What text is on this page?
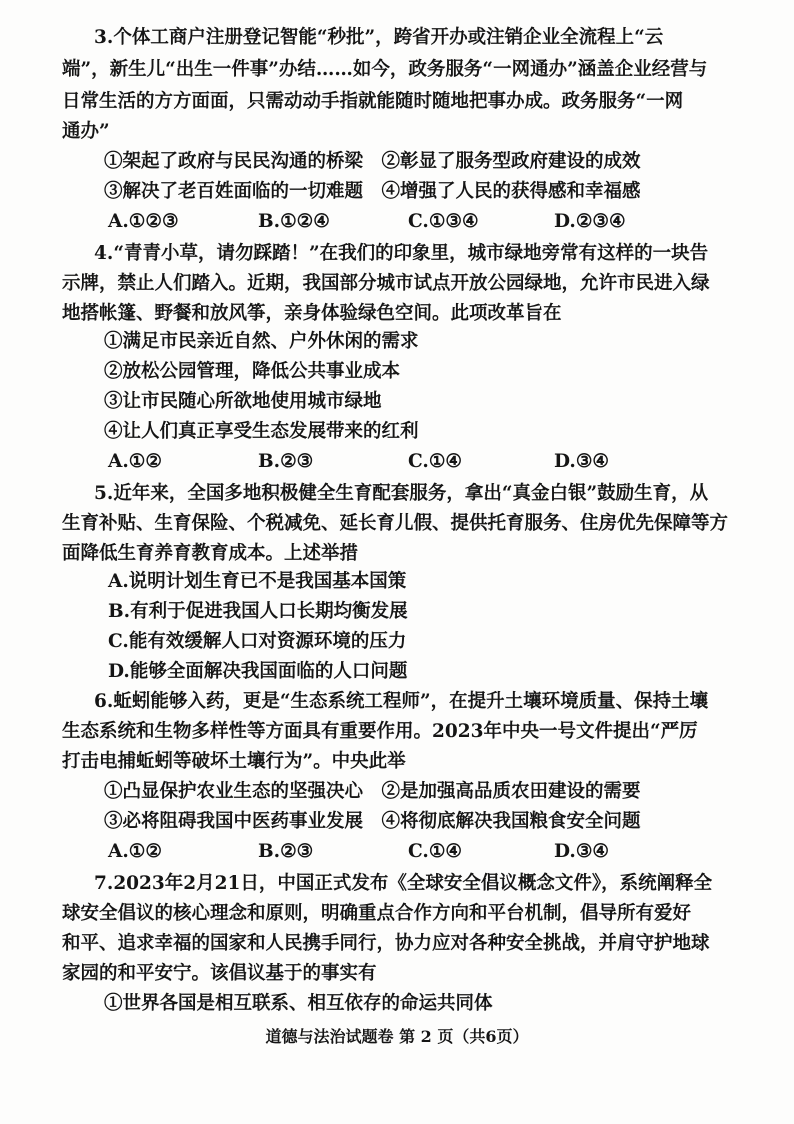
3.个体工商户注册登记智能“秒批”，跨省开办或注销企业全流程上“云
端”，新生儿“出生一件事”办结……如今，政务服务“一网通办”涵盖企业经营与
日常生活的方方面面，只需动动手指就能随时随地把事办成。政务服务“一网
通办”
①架起了政府与民民沟通的桥梁　②彰显了服务型政府建设的成效
③解决了老百姓面临的一切难题　④增强了人民的获得感和幸福感
A.①②③	B.①②④	C.①③④	D.②③④
4.“青青小草，请勿踩踏！”在我们的印象里，城市绿地旁常有这样的一块告
示牌，禁止人们踏入。近期，我国部分城市试点开放公园绿地，允许市民进入绿
地搭帐篷、野餐和放风筝，亲身体验绿色空间。此项改革旨在
①满足市民亲近自然、户外休闲的需求
②放松公园管理，降低公共事业成本
③让市民随心所欲地使用城市绿地
④让人们真正享受生态发展带来的红利
A.①②	B.②③	C.①④	D.③④
5.近年来，全国多地积极健全生育配套服务，拿出“真金白银”鼓励生育，从
生育补贴、生育保险、个税减免、延长育儿假、提供托育服务、住房优先保障等方
面降低生育养育教育成本。上述举措
A.说明计划生育已不是我国基本国策
B.有利于促进我国人口长期均衡发展
C.能有效缓解人口对资源环境的压力
D.能够全面解决我国面临的人口问题
6.蚯蚓能够入药，更是“生态系统工程师”，在提升土壤环境质量、保持土壤
生态系统和生物多样性等方面具有重要作用。2023年中央一号文件提出“严厉
打击电捕蚯蚓等破坏土壤行为”。中央此举
①凸显保护农业生态的坚强决心　②是加强高品质农田建设的需要
③必将阻碍我国中医药事业发展　④将彻底解决我国粮食安全问题
A.①②	B.②③	C.①④	D.③④
7.2023年2月21日，中国正式发布《全球安全倡议概念文件》，系统阐释全
球安全倡议的核心理念和原则，明确重点合作方向和平台机制，倡导所有爱好
和平、追求幸福的国家和人民携手同行，协力应对各种安全挑战，并肩守护地球
家园的和平安宁。该倡议基于的事实有
①世界各国是相互联系、相互依存的命运共同体
道德与法治试题卷 第 2 页（共6页）
